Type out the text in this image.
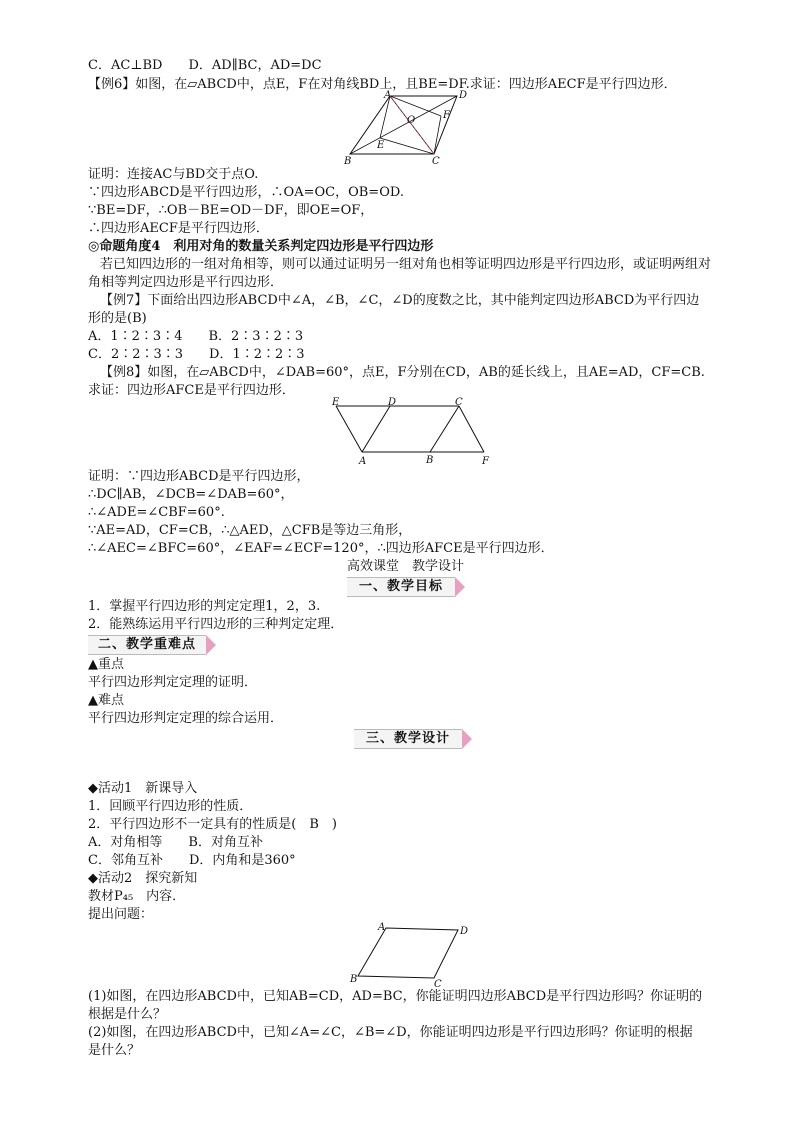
C．AC⊥BD　　D．AD∥BC，AD=DC
【例6】如图，在▱ABCD中，点E，F在对角线BD上，且BE=DF.求证：四边形AECF是平行四边形．
A	D
O	F
B
E
C
证明：连接AC与BD交于点O.
∵四边形ABCD是平行四边形，∴OA=OC，OB=OD.
∵BE=DF，∴OB－BE=OD－DF，即OE=OF，
∴四边形AECF是平行四边形．
◎命题角度4　利用对角的数量关系判定四边形是平行四边形
若已知四边形的一组对角相等，则可以通过证明另一组对角也相等证明四边形是平行四边形，或证明两组对
角相等判定四边形是平行四边形．
【例7】下面给出四边形ABCD中∠A，∠B，∠C，∠D的度数之比，其中能判定四边形ABCD为平行四边
形的是(B)
A．1∶2∶3∶4　　B．2∶3∶2∶3
C．2∶2∶3∶3　　D．1∶2∶2∶3
【例8】如图，在▱ABCD中，∠DAB=60°，点E，F分别在CD，AB的延长线上，且AE=AD，CF=CB.
求证：四边形AFCE是平行四边形．
E	D	C
A	B	F
证明：∵四边形ABCD是平行四边形，
∴DC∥AB，∠DCB=∠DAB=60°，
∴∠ADE=∠CBF=60°.
∵AE=AD，CF=CB，∴△AED，△CFB是等边三角形，
∴∠AEC=∠BFC=60°，∠EAF=∠ECF=120°，∴四边形AFCE是平行四边形．
高效课堂　教学设计
一、教学目标
1．掌握平行四边形的判定定理1，2，3.
2．能熟练运用平行四边形的三种判定定理．
二、教学重难点
▲重点
平行四边形判定定理的证明．
▲难点
平行四边形判定定理的综合运用．
三、教学设计
◆活动1　新课导入
1．回顾平行四边形的性质．
2．平行四边形不一定具有的性质是(　B　)
A．对角相等　　B．对角互补
C．邻角互补　　D．内角和是360°
◆活动2　探究新知
教材P₄₅　内容．
提出问题：
A	D
B	C
(1)如图，在四边形ABCD中，已知AB=CD，AD=BC，你能证明四边形ABCD是平行四边形吗？你证明的
根据是什么？
(2)如图，在四边形ABCD中，已知∠A=∠C，∠B=∠D，你能证明四边形是平行四边形吗？你证明的根据
是什么？
